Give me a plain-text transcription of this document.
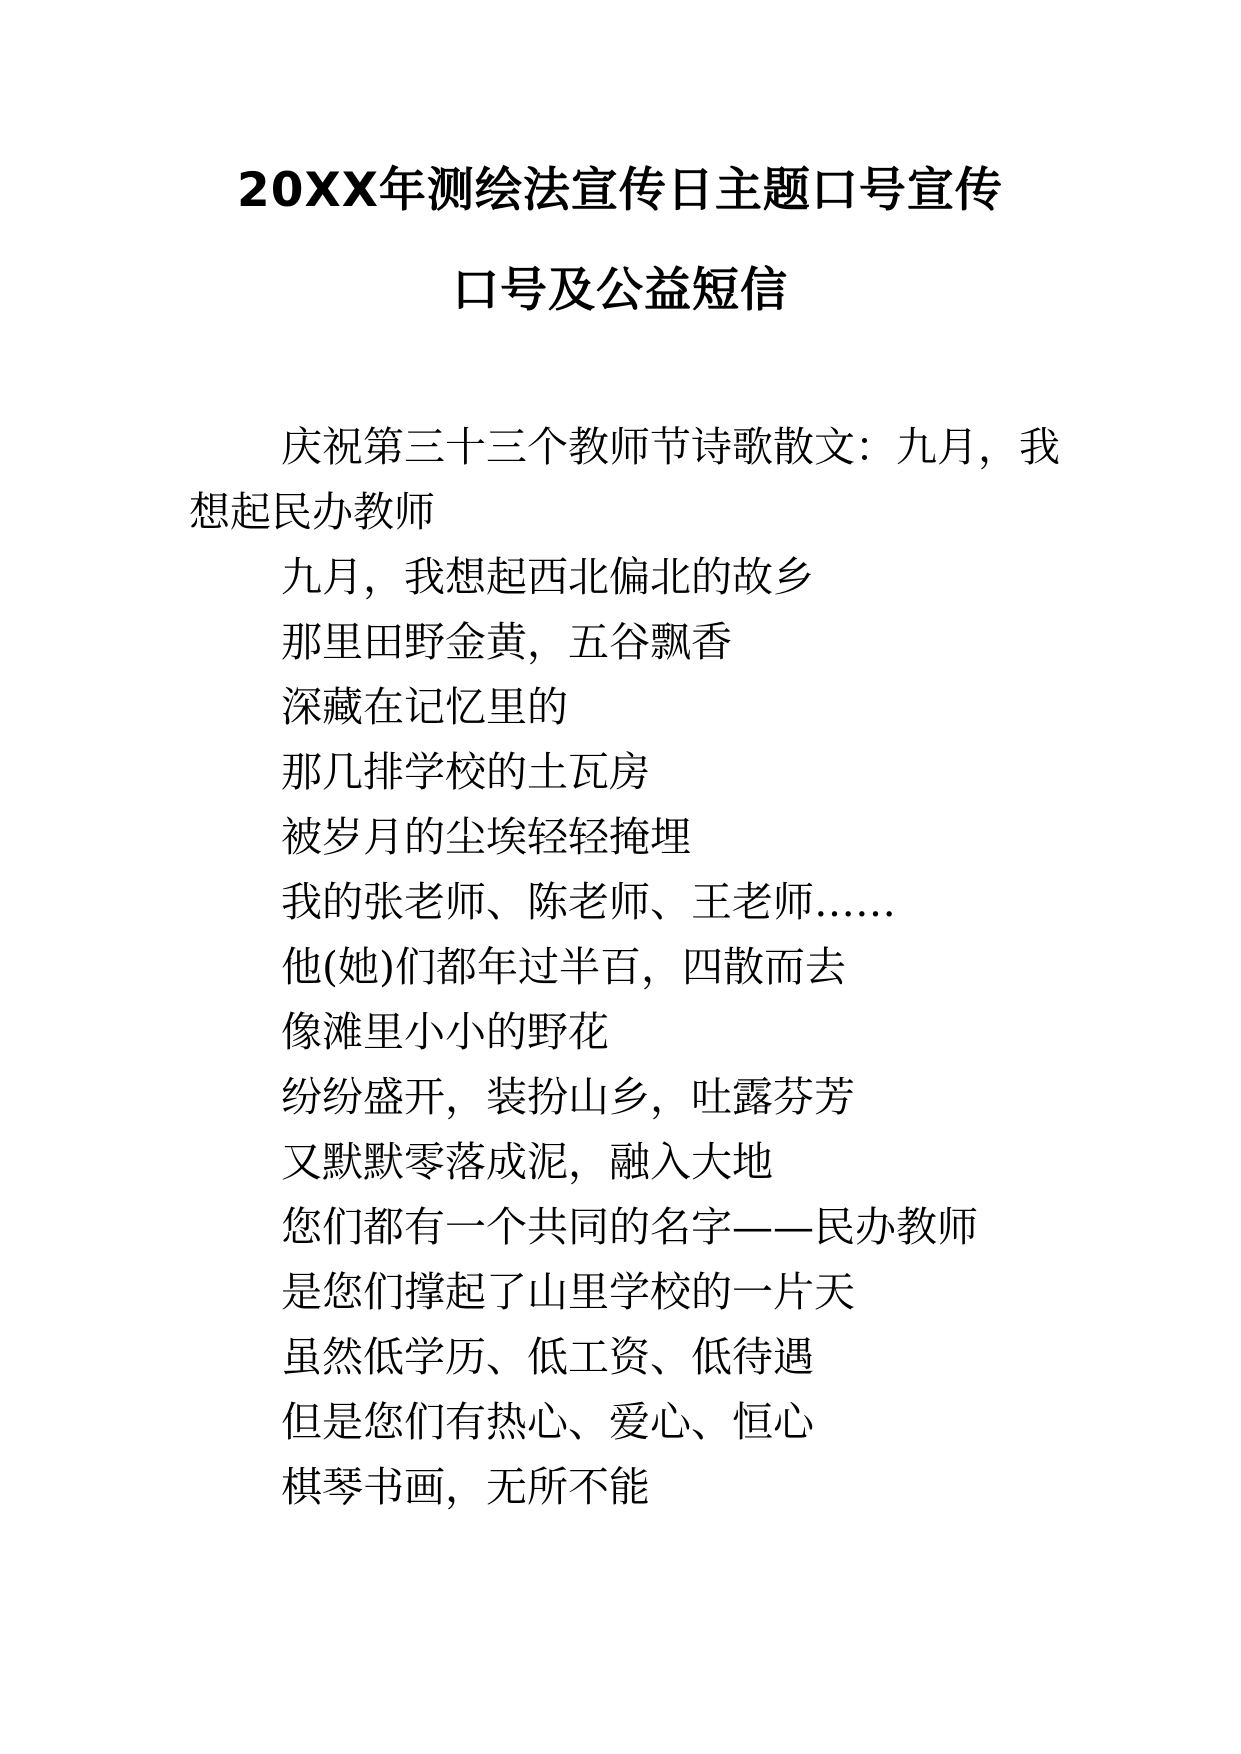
20XX年测绘法宣传日主题口号宣传
口号及公益短信

庆祝第三十三个教师节诗歌散文：九月，我想起民办教师

九月，我想起西北偏北的故乡

那里田野金黄，五谷飘香

深藏在记忆里的

那几排学校的土瓦房

被岁月的尘埃轻轻掩埋

我的张老师、陈老师、王老师……

他(她)们都年过半百，四散而去

像滩里小小的野花

纷纷盛开，装扮山乡，吐露芬芳

又默默零落成泥，融入大地

您们都有一个共同的名字——民办教师

是您们撑起了山里学校的一片天

虽然低学历、低工资、低待遇

但是您们有热心、爱心、恒心

棋琴书画，无所不能
